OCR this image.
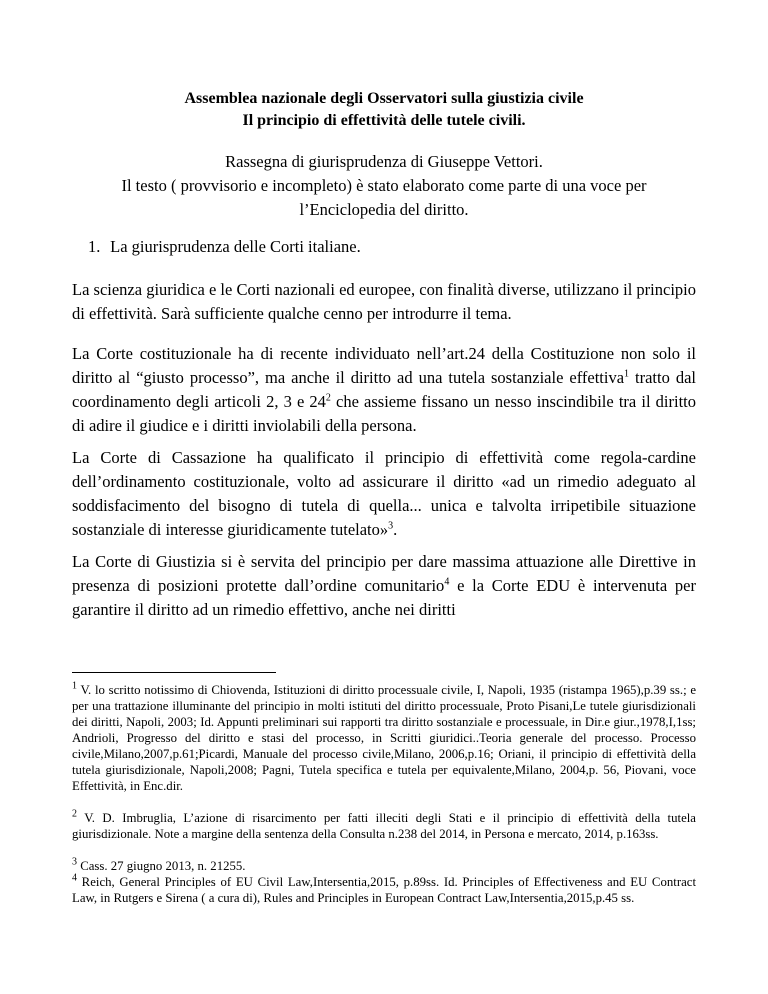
Assemblea nazionale degli Osservatori sulla giustizia civile
Il principio di effettività delle tutele civili.
Rassegna di giurisprudenza di Giuseppe Vettori.
Il testo ( provvisorio e incompleto) è stato elaborato come parte di una voce per
l’Enciclopedia del diritto.
1. La giurisprudenza delle Corti italiane.
La scienza giuridica e le Corti nazionali ed europee, con finalità diverse, utilizzano il principio di effettività. Sarà sufficiente qualche cenno per introdurre il tema.
La Corte costituzionale ha di recente individuato nell’art.24 della Costituzione non solo il diritto al “giusto processo”, ma anche il diritto ad una tutela sostanziale effettiva$^1$ tratto dal coordinamento degli articoli 2, 3 e $24^2$ che assieme fissano un nesso inscindibile tra il diritto di adire il giudice e i diritti inviolabili della persona.
La Corte di Cassazione ha qualificato il principio di effettività come regola-cardine dell’ordinamento costituzionale, volto ad assicurare il diritto «ad un rimedio adeguato al soddisfacimento del bisogno di tutela di quella... unica e talvolta irripetibile situazione sostanziale di interesse giuridicamente tutelato»$^3$.
La Corte di Giustizia si è servita del principio per dare massima attuazione alle Direttive in presenza di posizioni protette dall’ordine comunitario$^4$ e la Corte EDU è intervenuta per garantire il diritto ad un rimedio effettivo, anche nei diritti
$^1$ V. lo scritto notissimo di Chiovenda, Istituzioni di diritto processuale civile, I, Napoli, 1935 (ristampa 1965),p.39 ss.; e per una trattazione illuminante del principio in molti istituti del diritto processuale, Proto Pisani,Le tutele giurisdizionali dei diritti, Napoli, 2003; Id. Appunti preliminari sui rapporti tra diritto sostanziale e processuale, in Dir.e giur.,1978,I,1ss; Andrioli, Progresso del diritto e stasi del processo, in Scritti giuridici..Teoria generale del processo. Processo civile,Milano,2007,p.61;Picardi, Manuale del processo civile,Milano, 2006,p.16; Oriani, il principio di effettività della tutela giurisdizionale, Napoli,2008; Pagni, Tutela specifica e tutela per equivalente,Milano, 2004,p. 56, Piovani, voce Effettività, in Enc.dir.
$^2$ V. D. Imbruglia, L’azione di risarcimento per fatti illeciti degli Stati e il principio di effettività della tutela giurisdizionale. Note a margine della sentenza della Consulta n.238 del 2014, in Persona e mercato, 2014, p.163ss.
$^3$ Cass. 27 giugno 2013, n. 21255.
$^4$ Reich, General Principles of EU Civil Law,Intersentia,2015, p.89ss. Id. Principles of Effectiveness and EU Contract Law, in Rutgers e Sirena ( a cura di), Rules and Principles in European Contract Law,Intersentia,2015,p.45 ss.
